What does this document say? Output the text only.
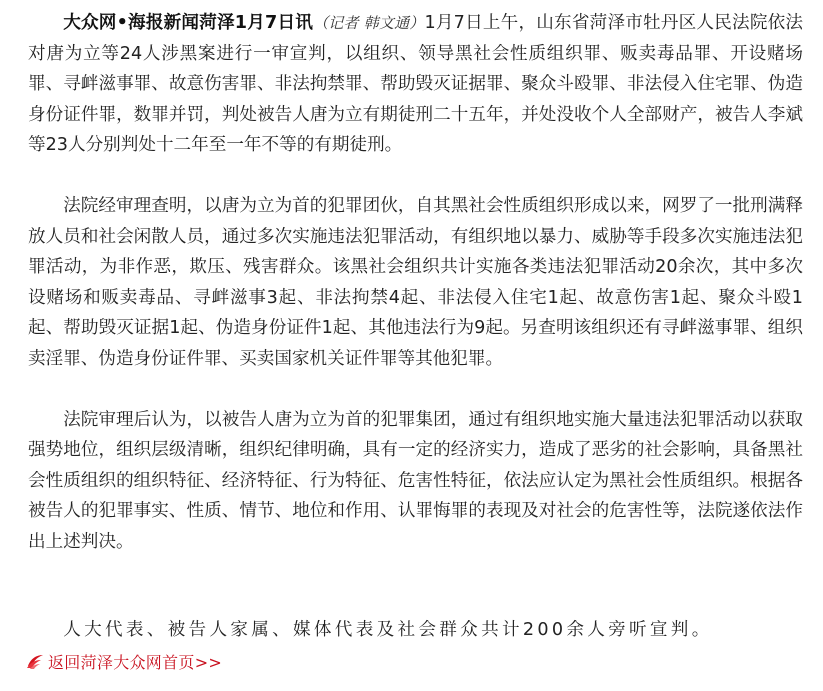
大众网•海报新闻菏泽1月7日讯（记者 韩文通）1月7日上午，山东省菏泽市牡丹区人民法院依法对唐为立等24人涉黑案进行一审宣判，以组织、领导黑社会性质组织罪、贩卖毒品罪、开设赌场罪、寻衅滋事罪、故意伤害罪、非法拘禁罪、帮助毁灭证据罪、聚众斗殴罪、非法侵入住宅罪、伪造身份证件罪，数罪并罚，判处被告人唐为立有期徒刑二十五年，并处没收个人全部财产，被告人李斌等23人分别判处十二年至一年不等的有期徒刑。

法院经审理查明，以唐为立为首的犯罪团伙，自其黑社会性质组织形成以来，网罗了一批刑满释放人员和社会闲散人员，通过多次实施违法犯罪活动，有组织地以暴力、威胁等手段多次实施违法犯罪活动，为非作恶，欺压、残害群众。该黑社会组织共计实施各类违法犯罪活动20余次，其中多次设赌场和贩卖毒品、寻衅滋事3起、非法拘禁4起、非法侵入住宅1起、故意伤害1起、聚众斗殴1起、帮助毁灭证据1起、伪造身份证件1起、其他违法行为9起。另查明该组织还有寻衅滋事罪、组织卖淫罪、伪造身份证件罪、买卖国家机关证件罪等其他犯罪。

法院审理后认为，以被告人唐为立为首的犯罪集团，通过有组织地实施大量违法犯罪活动以获取强势地位，组织层级清晰，组织纪律明确，具有一定的经济实力，造成了恶劣的社会影响，具备黑社会性质组织的组织特征、经济特征、行为特征、危害性特征，依法应认定为黑社会性质组织。根据各被告人的犯罪事实、性质、情节、地位和作用、认罪悔罪的表现及对社会的危害性等，法院遂依法作出上述判决。

人大代表、被告人家属、媒体代表及社会群众共计200余人旁听宣判。

返回菏泽大众网首页>>
